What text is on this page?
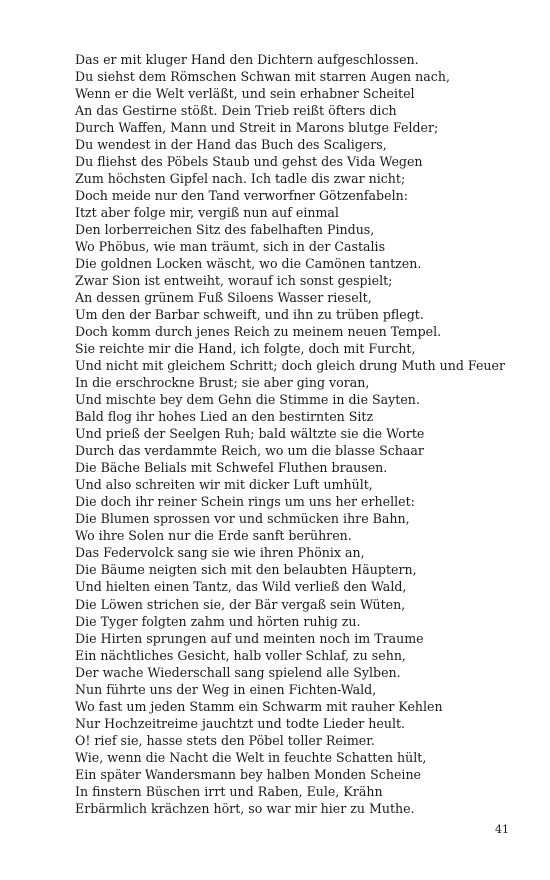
Das er mit kluger Hand den Dichtern aufgeschlossen.
Du siehst dem Römschen Schwan mit starren Augen nach,
Wenn er die Welt verläßt, und sein erhabner Scheitel
An das Gestirne stößt. Dein Trieb reißt öfters dich
Durch Waffen, Mann und Streit in Marons blutge Felder;
Du wendest in der Hand das Buch des Scaligers,
Du fliehst des Pöbels Staub und gehst des Vida Wegen
Zum höchsten Gipfel nach. Ich tadle dis zwar nicht;
Doch meide nur den Tand verworfner Götzenfabeln:
Itzt aber folge mir, vergiß nun auf einmal
Den lorberreichen Sitz des fabelhaften Pindus,
Wo Phöbus, wie man träumt, sich in der Castalis
Die goldnen Locken wäscht, wo die Camönen tantzen.
Zwar Sion ist entweiht, worauf ich sonst gespielt;
An dessen grünem Fuß Siloens Wasser rieselt,
Um den der Barbar schweift, und ihn zu trüben pflegt.
Doch komm durch jenes Reich zu meinem neuen Tempel.
Sie reichte mir die Hand, ich folgte, doch mit Furcht,
Und nicht mit gleichem Schritt; doch gleich drung Muth und Feuer
In die erschrockne Brust; sie aber ging voran,
Und mischte bey dem Gehn die Stimme in die Sayten.
Bald flog ihr hohes Lied an den bestirnten Sitz
Und prieß der Seelgen Ruh; bald wältzte sie die Worte
Durch das verdammte Reich, wo um die blasse Schaar
Die Bäche Belials mit Schwefel Fluthen brausen.
Und also schreiten wir mit dicker Luft umhült,
Die doch ihr reiner Schein rings um uns her erhellet:
Die Blumen sprossen vor und schmücken ihre Bahn,
Wo ihre Solen nur die Erde sanft berühren.
Das Federvolck sang sie wie ihren Phönix an,
Die Bäume neigten sich mit den belaubten Häuptern,
Und hielten einen Tantz, das Wild verließ den Wald,
Die Löwen strichen sie, der Bär vergaß sein Wüten,
Die Tyger folgten zahm und hörten ruhig zu.
Die Hirten sprungen auf und meinten noch im Traume
Ein nächtliches Gesicht, halb voller Schlaf, zu sehn,
Der wache Wiederschall sang spielend alle Sylben.
Nun führte uns der Weg in einen Fichten-Wald,
Wo fast um jeden Stamm ein Schwarm mit rauher Kehlen
Nur Hochzeitreime jauchtzt und todte Lieder heult.
O! rief sie, hasse stets den Pöbel toller Reimer.
Wie, wenn die Nacht die Welt in feuchte Schatten hült,
Ein später Wandersmann bey halben Monden Scheine
In finstern Büschen irrt und Raben, Eule, Krähn
Erbärmlich krächzen hört, so war mir hier zu Muthe.
41
